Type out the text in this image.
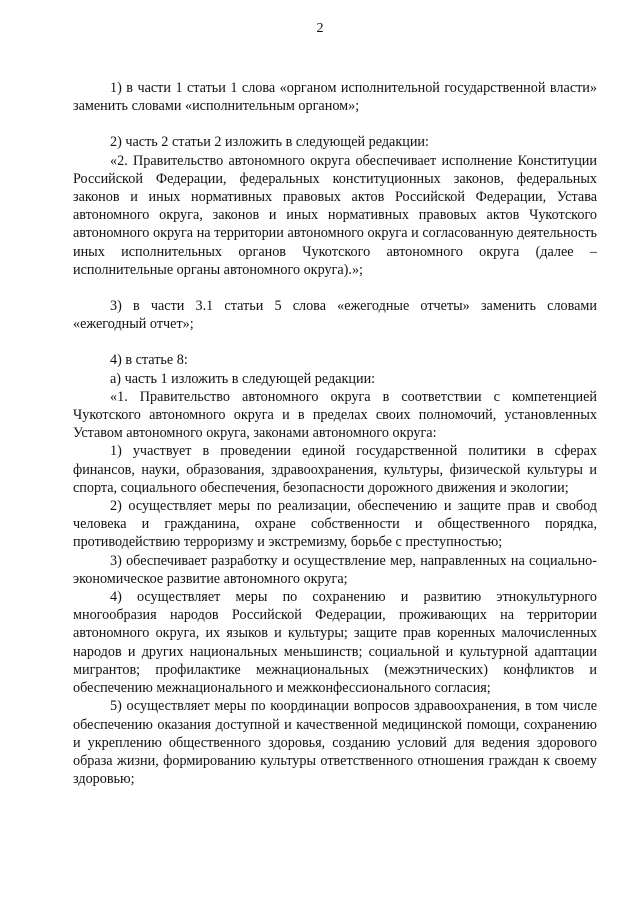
2

1) в части 1 статьи 1 слова «органом исполнительной государственной власти» заменить словами «исполнительным органом»;

2) часть 2 статьи 2 изложить в следующей редакции:

«2. Правительство автономного округа обеспечивает исполнение Конституции Российской Федерации, федеральных конституционных законов, федеральных законов и иных нормативных правовых актов Российской Федерации, Устава автономного округа, законов и иных нормативных правовых актов Чукотского автономного округа на территории автономного округа и согласованную деятельность иных исполнительных органов Чукотского автономного округа (далее – исполнительные органы автономного округа).»;

3) в части 3.1 статьи 5 слова «ежегодные отчеты» заменить словами «ежегодный отчет»;

4) в статье 8:

а) часть 1 изложить в следующей редакции:

«1. Правительство автономного округа в соответствии с компетенцией Чукотского автономного округа и в пределах своих полномочий, установленных Уставом автономного округа, законами автономного округа:

1) участвует в проведении единой государственной политики в сферах финансов, науки, образования, здравоохранения, культуры, физической культуры и спорта, социального обеспечения, безопасности дорожного движения и экологии;

2) осуществляет меры по реализации, обеспечению и защите прав и свобод человека и гражданина, охране собственности и общественного порядка, противодействию терроризму и экстремизму, борьбе с преступностью;

3) обеспечивает разработку и осуществление мер, направленных на социально-экономическое развитие автономного округа;

4) осуществляет меры по сохранению и развитию этнокультурного многообразия народов Российской Федерации, проживающих на территории автономного округа, их языков и культуры; защите прав коренных малочисленных народов и других национальных меньшинств; социальной и культурной адаптации мигрантов; профилактике межнациональных (межэтнических) конфликтов и обеспечению межнационального и межконфессионального согласия;

5) осуществляет меры по координации вопросов здравоохранения, в том числе обеспечению оказания доступной и качественной медицинской помощи, сохранению и укреплению общественного здоровья, созданию условий для ведения здорового образа жизни, формированию культуры ответственного отношения граждан к своему здоровью;
